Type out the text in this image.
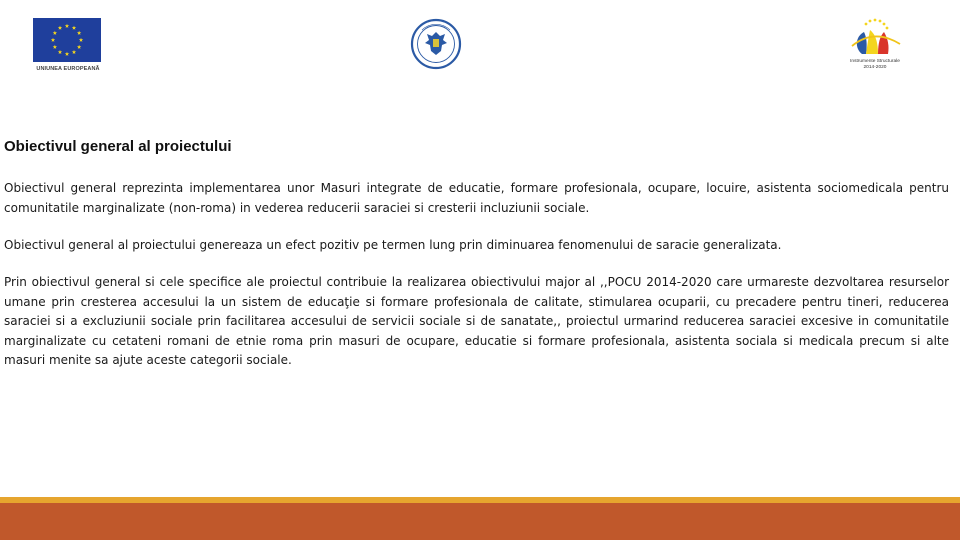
UNIUNEA EUROPEANĂ
Instrumente Structurale
2014-2020
Obiectivul general al proiectului

Obiectivul general reprezinta implementarea unor Masuri integrate de educatie, formare profesionala, ocupare, locuire, asistenta sociomedicala pentru comunitatile marginalizate (non-roma) in vederea reducerii saraciei si cresterii incluziunii sociale.

Obiectivul general al proiectului genereaza un efect pozitiv pe termen lung prin diminuarea fenomenului de saracie generalizata.

Prin obiectivul general si cele specifice ale proiectul contribuie la realizarea obiectivului major al ,,POCU 2014-2020 care urmareste dezvoltarea resurselor umane prin cresterea accesului la un sistem de educaţie si formare profesionala de calitate, stimularea ocuparii, cu precadere pentru tineri, reducerea saraciei si a excluziunii sociale prin facilitarea accesului de servicii sociale si de sanatate,, proiectul urmarind reducerea saraciei excesive in comunitatile marginalizate cu cetateni romani de etnie roma prin masuri de ocupare, educatie si formare profesionala, asistenta sociala si medicala precum si alte masuri menite sa ajute aceste categorii sociale.
